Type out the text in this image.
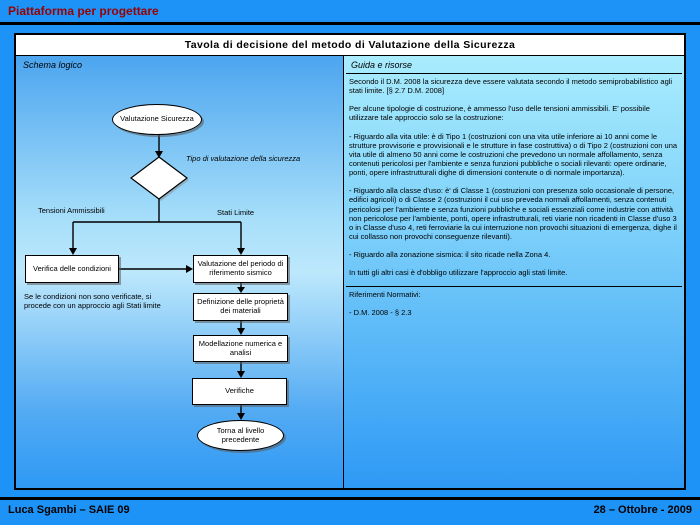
Piattaforma per progettare
Tavola di decisione del metodo di Valutazione della Sicurezza
Schema logico
Valutazione Sicurezza
Tipo di valutazione della sicurezza
Tensioni Ammissibili	Stati Limite
Verifica delle condizioni
Se le condizioni non sono verificate, si procede con un approccio agli Stati limite
Valutazione del periodo di riferimento sismico
Definizione delle proprietà dei materiali
Modellazione numerica e analisi
Verifiche
Torna al livello precedente
Guida e risorse

Secondo il D.M. 2008 la sicurezza deve essere valutata secondo il metodo semiprobabilistico agli stati limite. [§ 2.7 D.M. 2008]

Per alcune tipologie di costruzione, è ammesso l'uso delle tensioni ammissibili. E' possibile utilizzare tale approccio solo se la costruzione:

- Riguardo alla vita utile: è di Tipo 1 (costruzioni con una vita utile inferiore ai 10 anni come le strutture provvisorie e provvisionali e le strutture in fase costruttiva) o di Tipo 2 (costruzioni con una vita utile di almeno 50 anni come le costruzioni che prevedono un normale affollamento, senza contenuti pericolosi per l'ambiente e senza funzioni pubbliche o sociali rilevanti: opere ordinarie, ponti, opere infrastrutturali dighe di dimensioni contenute o di normale importanza).

- Riguardo alla classe d'uso: è' di Classe 1 (costruzioni con presenza solo occasionale di persone, edifici agricoli) o di Classe 2 (costruzioni il cui uso preveda normali affollamenti, senza contenuti pericolosi per l'ambiente e senza funzioni pubbliche e sociali essenziali come industrie con attività non pericolose per l'ambiente, ponti, opere infrastrutturali, reti viarie non ricadenti in Classe d'uso 3 o in Classe d'uso 4, reti ferroviarie la cui interruzione non provochi situazioni di emergenza, dighe il cui collasso non provochi conseguenze rilevanti).

- Riguardo alla zonazione sismica: il sito ricade nella Zona 4.

In tutti gli altri casi è d'obbligo utilizzare l'approccio agli stati limite.

Riferimenti Normativi:

- D.M. 2008 - § 2.3

Luca Sgambi – SAIE 09	28 – Ottobre - 2009
